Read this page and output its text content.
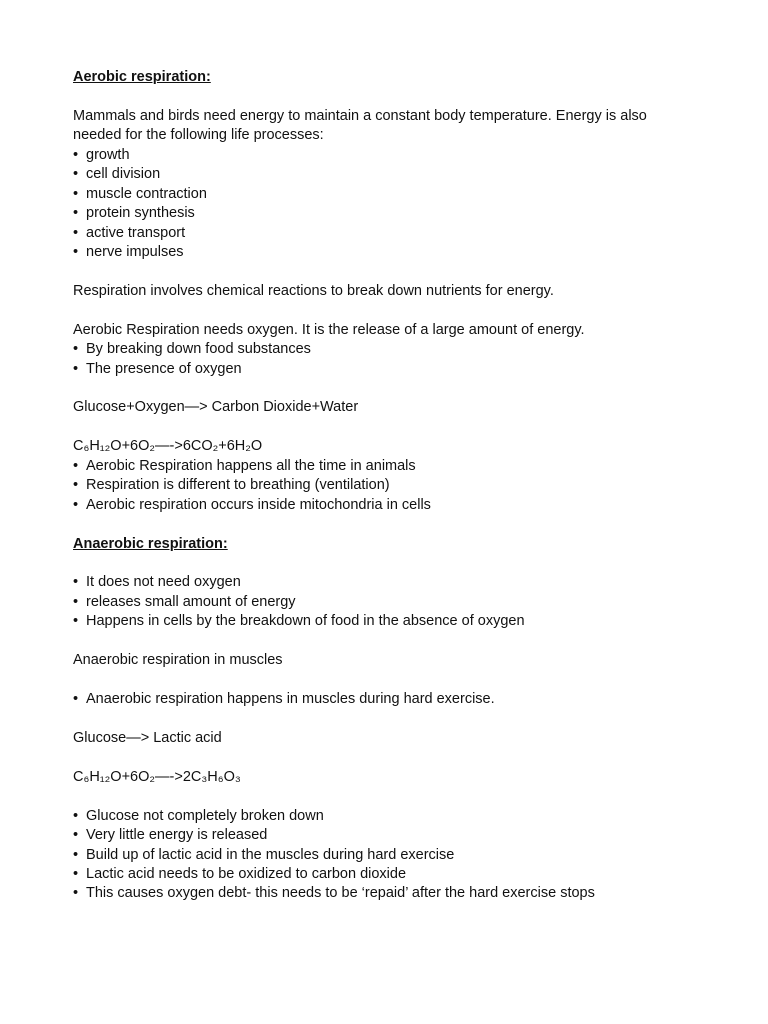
Aerobic respiration:
Mammals and birds need energy to maintain a constant body temperature. Energy is also
needed for the following life processes:
• growth
• cell division
• muscle contraction
• protein synthesis
• active transport
• nerve impulses
Respiration involves chemical reactions to break down nutrients for energy.
Aerobic Respiration needs oxygen. It is the release of a large amount of energy.
• By breaking down food substances
• The presence of oxygen
Glucose+Oxygen—> Carbon Dioxide+Water
C₆H₁₂O+6O₂—->6CO₂+6H₂O
• Aerobic Respiration happens all the time in animals
• Respiration is different to breathing (ventilation)
• Aerobic respiration occurs inside mitochondria in cells
Anaerobic respiration:
• It does not need oxygen
• releases small amount of energy
• Happens in cells by the breakdown of food in the absence of oxygen
Anaerobic respiration in muscles
• Anaerobic respiration happens in muscles during hard exercise.
Glucose—> Lactic acid
C₆H₁₂O+6O₂—->2C₃H₆O₃
• Glucose not completely broken down
• Very little energy is released
• Build up of lactic acid in the muscles during hard exercise
• Lactic acid needs to be oxidized to carbon dioxide
• This causes oxygen debt- this needs to be ‘repaid’ after the hard exercise stops
